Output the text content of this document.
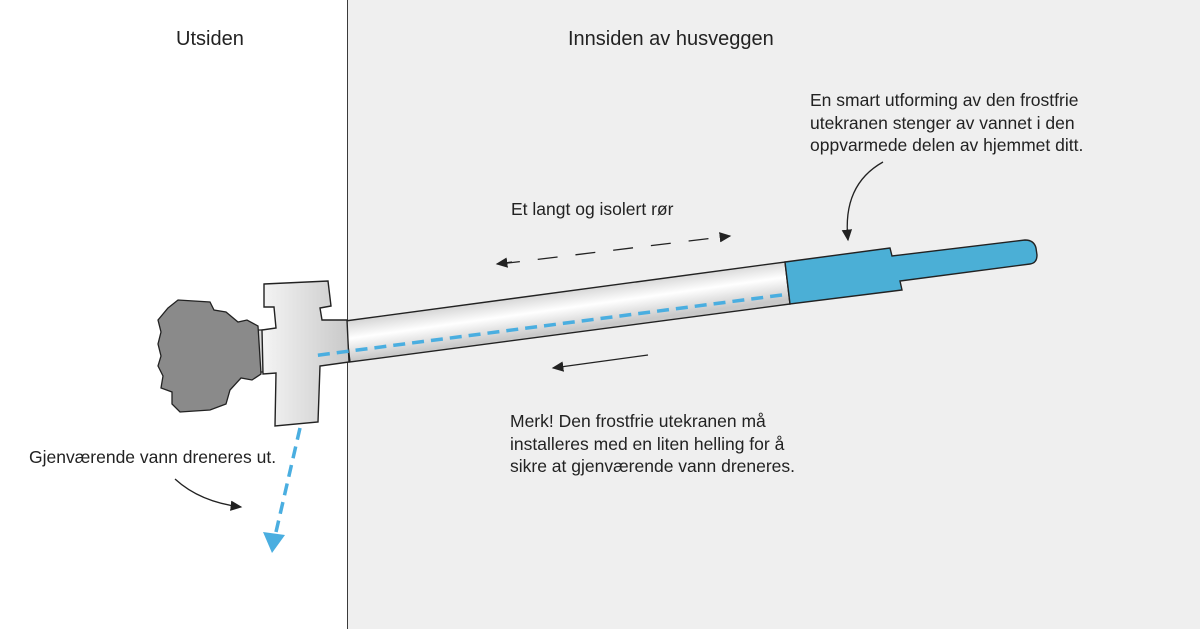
Utsiden	Innsiden av husveggen
Et langt og isolert rør
En smart utforming av den frostfrie
utekranen stenger av vannet i den
oppvarmede delen av hjemmet ditt.
Merk! Den frostfrie utekranen må
installeres med en liten helling for å
sikre at gjenværende vann dreneres.
Gjenværende vann dreneres ut.
